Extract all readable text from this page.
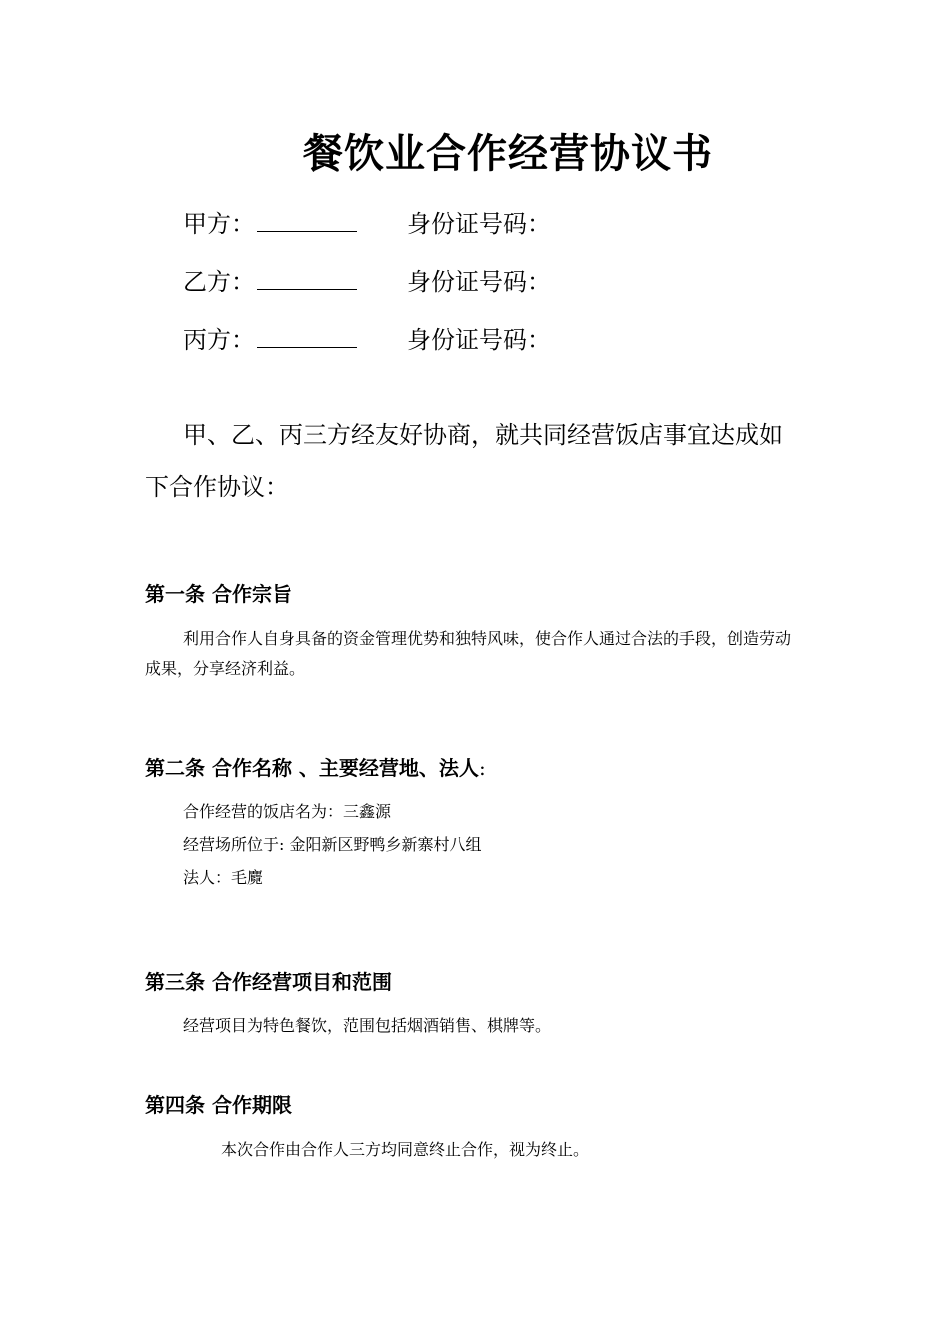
餐饮业合作经营协议书
甲方：	身份证号码：
乙方：	身份证号码：
丙方：	身份证号码：
甲、乙、丙三方经友好协商，就共同经营饭店事宜达成如下合作协议：
第一条 合作宗旨
利用合作人自身具备的资金管理优势和独特风味，使合作人通过合法的手段，创造劳动成果，分享经济利益。
第二条 合作名称 、主要经营地、法人:
合作经营的饭店名为：三鑫源
经营场所位于: 金阳新区野鸭乡新寨村八组
法人：毛麑
第三条 合作经营项目和范围
经营项目为特色餐饮，范围包括烟酒销售、棋牌等。
第四条 合作期限
本次合作由合作人三方均同意终止合作，视为终止。
